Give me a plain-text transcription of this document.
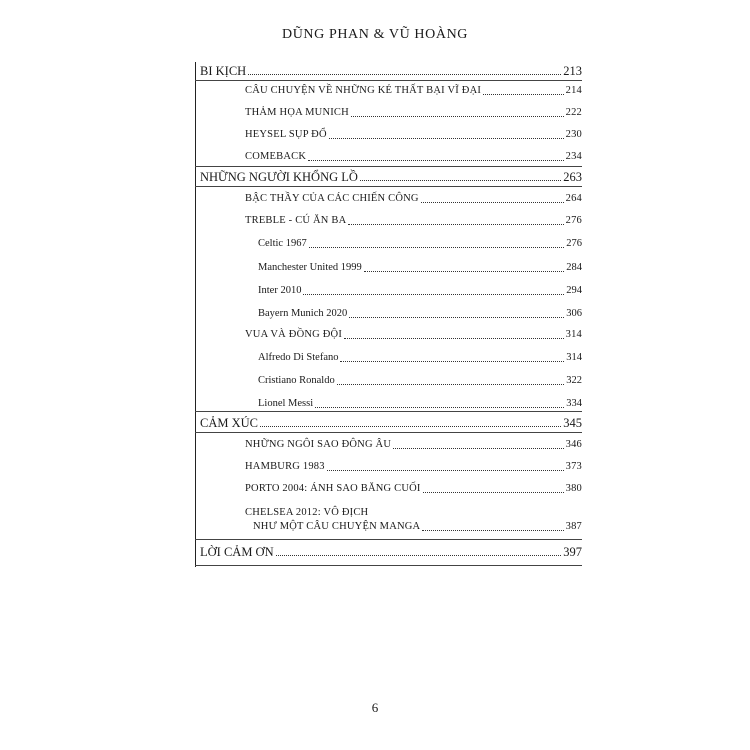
DŨNG PHAN & VŨ HOÀNG
BI KỊCH	213
CÂU CHUYỆN VỀ NHỮNG KẺ THẤT BẠI VĨ ĐẠI	214
THẢM HỌA MUNICH	222
HEYSEL SỤP ĐỔ	230
COMEBACK	234
NHỮNG NGƯỜI KHỔNG LỒ	263
BẬC THẦY CỦA CÁC CHIẾN CÔNG	264
TREBLE - CÚ ĂN BA	276
Celtic 1967	276
Manchester United 1999	284
Inter 2010	294
Bayern Munich 2020	306
VUA VÀ ĐỒNG ĐỘI	314
Alfredo Di Stefano	314
Cristiano Ronaldo	322
Lionel Messi	334
CẢM XÚC	345
NHỮNG NGÔI SAO ĐÔNG ÂU	346
HAMBURG 1983	373
PORTO 2004: ÁNH SAO BĂNG CUỐI	380
CHELSEA 2012: VÔ ĐỊCH
NHƯ MỘT CÂU CHUYỆN MANGA	387
LỜI CẢM ƠN	397
6
